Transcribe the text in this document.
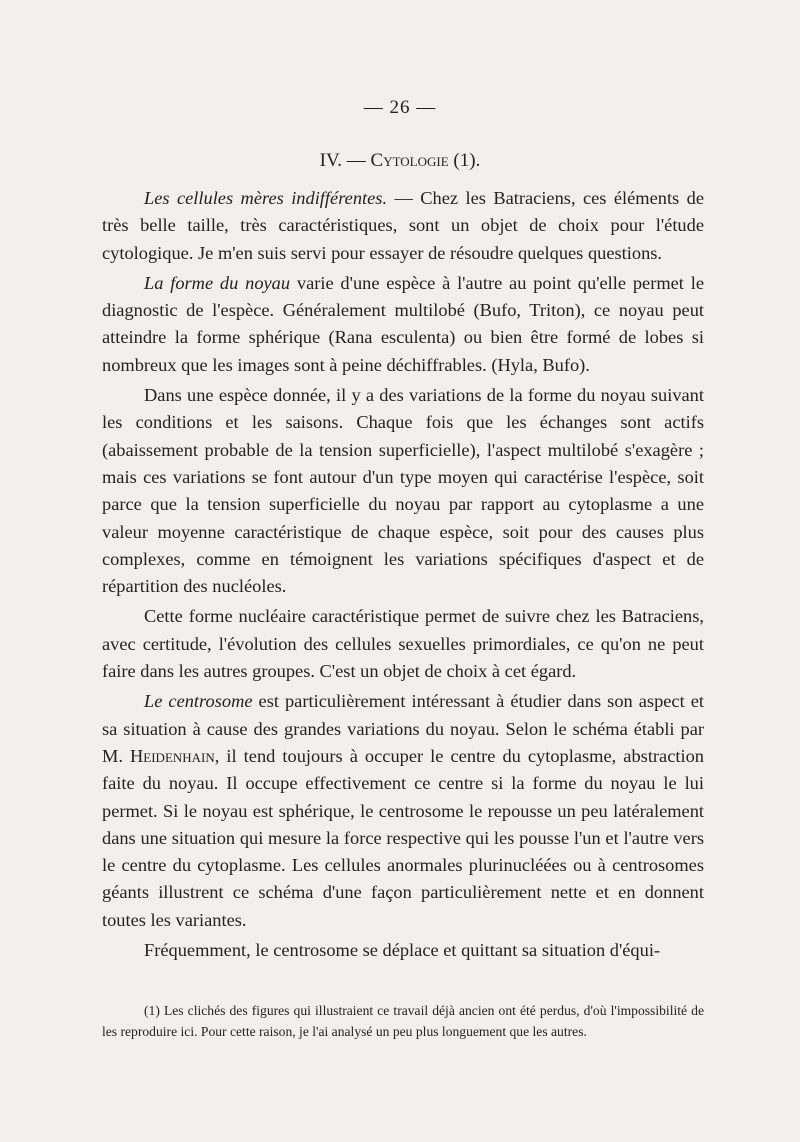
— 26 —
IV. — Cytologie (1).

Les cellules mères indifférentes. — Chez les Batraciens, ces éléments de très belle taille, très caractéristiques, sont un objet de choix pour l'étude cytologique. Je m'en suis servi pour essayer de résoudre quelques questions.

La forme du noyau varie d'une espèce à l'autre au point qu'elle permet le diagnostic de l'espèce. Généralement multilobé (Bufo, Triton), ce noyau peut atteindre la forme sphérique (Rana esculenta) ou bien être formé de lobes si nombreux que les images sont à peine déchiffrables. (Hyla, Bufo).

Dans une espèce donnée, il y a des variations de la forme du noyau suivant les conditions et les saisons. Chaque fois que les échanges sont actifs (abaissement probable de la tension superficielle), l'aspect multilobé s'exagère ; mais ces variations se font autour d'un type moyen qui caractérise l'espèce, soit parce que la tension superficielle du noyau par rapport au cytoplasme a une valeur moyenne caractéristique de chaque espèce, soit pour des causes plus complexes, comme en témoignent les variations spécifiques d'aspect et de répartition des nucléoles.

Cette forme nucléaire caractéristique permet de suivre chez les Batraciens, avec certitude, l'évolution des cellules sexuelles primordiales, ce qu'on ne peut faire dans les autres groupes. C'est un objet de choix à cet égard.

Le centrosome est particulièrement intéressant à étudier dans son aspect et sa situation à cause des grandes variations du noyau. Selon le schéma établi par M. Heidenhain, il tend toujours à occuper le centre du cytoplasme, abstraction faite du noyau. Il occupe effectivement ce centre si la forme du noyau le lui permet. Si le noyau est sphérique, le centrosome le repousse un peu latéralement dans une situation qui mesure la force respective qui les pousse l'un et l'autre vers le centre du cytoplasme. Les cellules anormales plurinucléées ou à centrosomes géants illustrent ce schéma d'une façon particulièrement nette et en donnent toutes les variantes.

Fréquemment, le centrosome se déplace et quittant sa situation d'équi-

(1) Les clichés des figures qui illustraient ce travail déjà ancien ont été perdus, d'où l'impossibilité de les reproduire ici. Pour cette raison, je l'ai analysé un peu plus longuement que les autres.
